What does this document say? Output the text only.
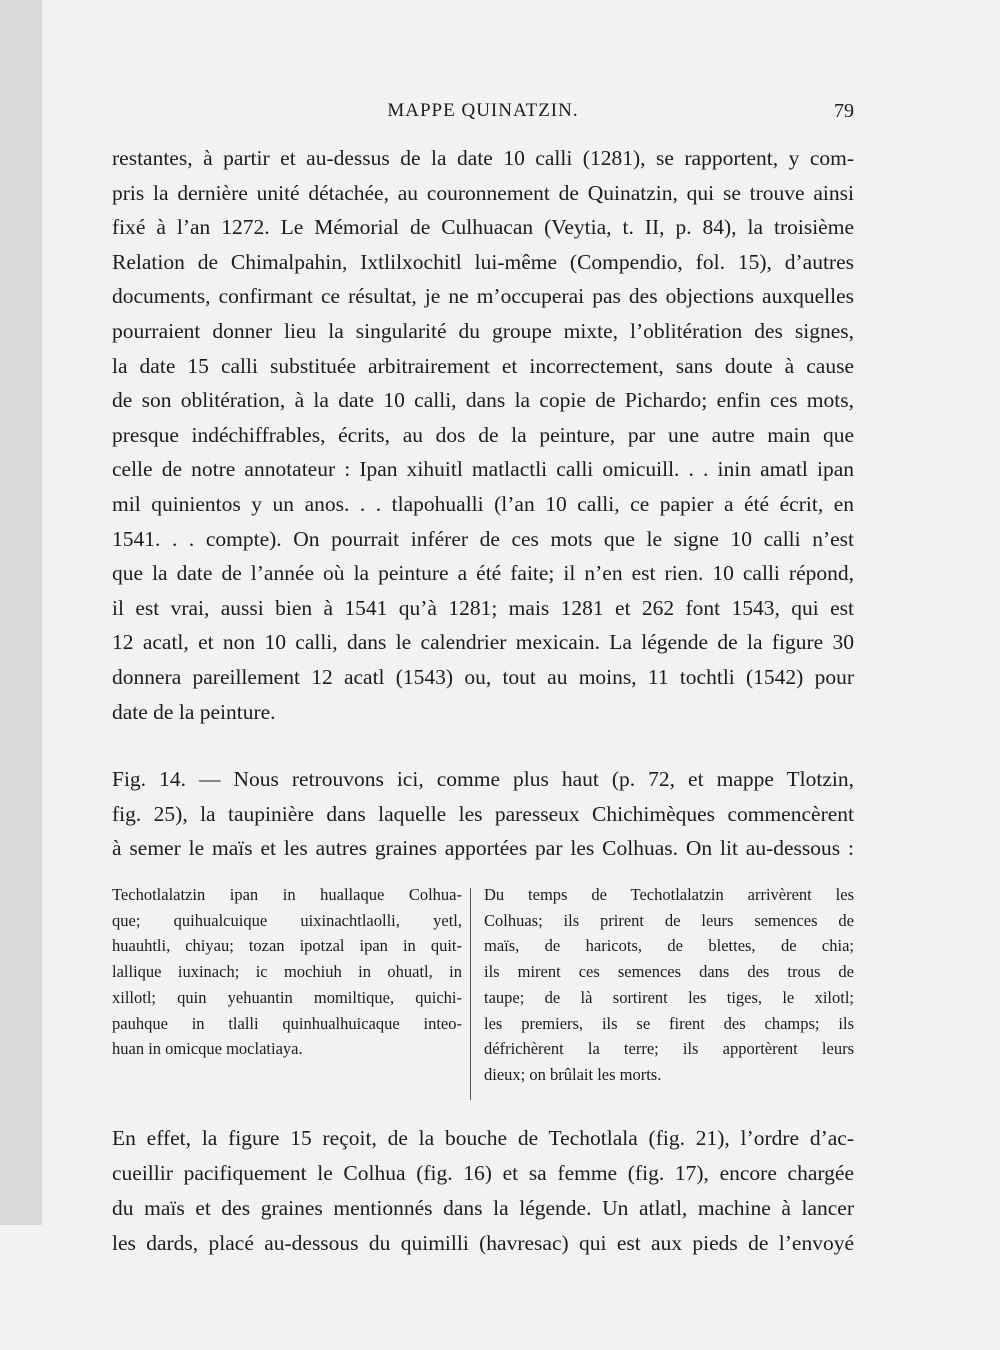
MAPPE QUINATZIN.	79

restantes, à partir et au-dessus de la date 10 calli (1281), se rapportent, y com-
pris la dernière unité détachée, au couronnement de Quinatzin, qui se trouve ainsi
fixé à l’an 1272. Le Mémorial de Culhuacan (Veytia, t. II, p. 84), la troisième
Relation de Chimalpahin, Ixtlilxochitl lui-même (Compendio, fol. 15), d’autres
documents, confirmant ce résultat, je ne m’occuperai pas des objections auxquelles
pourraient donner lieu la singularité du groupe mixte, l’oblitération des signes,
la date 15 calli substituée arbitrairement et incorrectement, sans doute à cause
de son oblitération, à la date 10 calli, dans la copie de Pichardo; enfin ces mots,
presque indéchiffrables, écrits, au dos de la peinture, par une autre main que
celle de notre annotateur : Ipan xihuitl matlactli calli omicuill. . . inin amatl ipan
mil quinientos y un anos. . . tlapohualli (l’an 10 calli, ce papier a été écrit, en
1541. . . compte). On pourrait inférer de ces mots que le signe 10 calli n’est
que la date de l’année où la peinture a été faite; il n’en est rien. 10 calli répond,
il est vrai, aussi bien à 1541 qu’à 1281; mais 1281 et 262 font 1543, qui est
12 acatl, et non 10 calli, dans le calendrier mexicain. La légende de la figure 30
donnera pareillement 12 acatl (1543) ou, tout au moins, 11 tochtli (1542) pour
date de la peinture.

Fig. 14. — Nous retrouvons ici, comme plus haut (p. 72, et mappe Tlotzin,
fig. 25), la taupinière dans laquelle les paresseux Chichimèques commencèrent
à semer le maïs et les autres graines apportées par les Colhuas. On lit au-dessous :

Techotlalatzin ipan in huallaque Colhua-
que; quihualcuique uixinachtlaolli, yetl,
huauhtli, chiyau; tozan ipotzal ipan in quit-
lallique iuxinach; ic mochiuh in ohuatl, in
xillotl; quin yehuantin momiltique, quichi-
pauhque in tlalli quinhualhuicaque inteo-
huan in omicque moclatiaya.
Du temps de Techotlalatzin arrivèrent les
Colhuas; ils prirent de leurs semences de
maïs, de haricots, de blettes, de chia;
ils mirent ces semences dans des trous de
taupe; de là sortirent les tiges, le xilotl;
les premiers, ils se firent des champs; ils
défrichèrent la terre; ils apportèrent leurs
dieux; on brûlait les morts.
En effet, la figure 15 reçoit, de la bouche de Techotlala (fig. 21), l’ordre d’ac-
cueillir pacifiquement le Colhua (fig. 16) et sa femme (fig. 17), encore chargée
du maïs et des graines mentionnés dans la légende. Un atlatl, machine à lancer
les dards, placé au-dessous du quimilli (havresac) qui est aux pieds de l’envoyé
